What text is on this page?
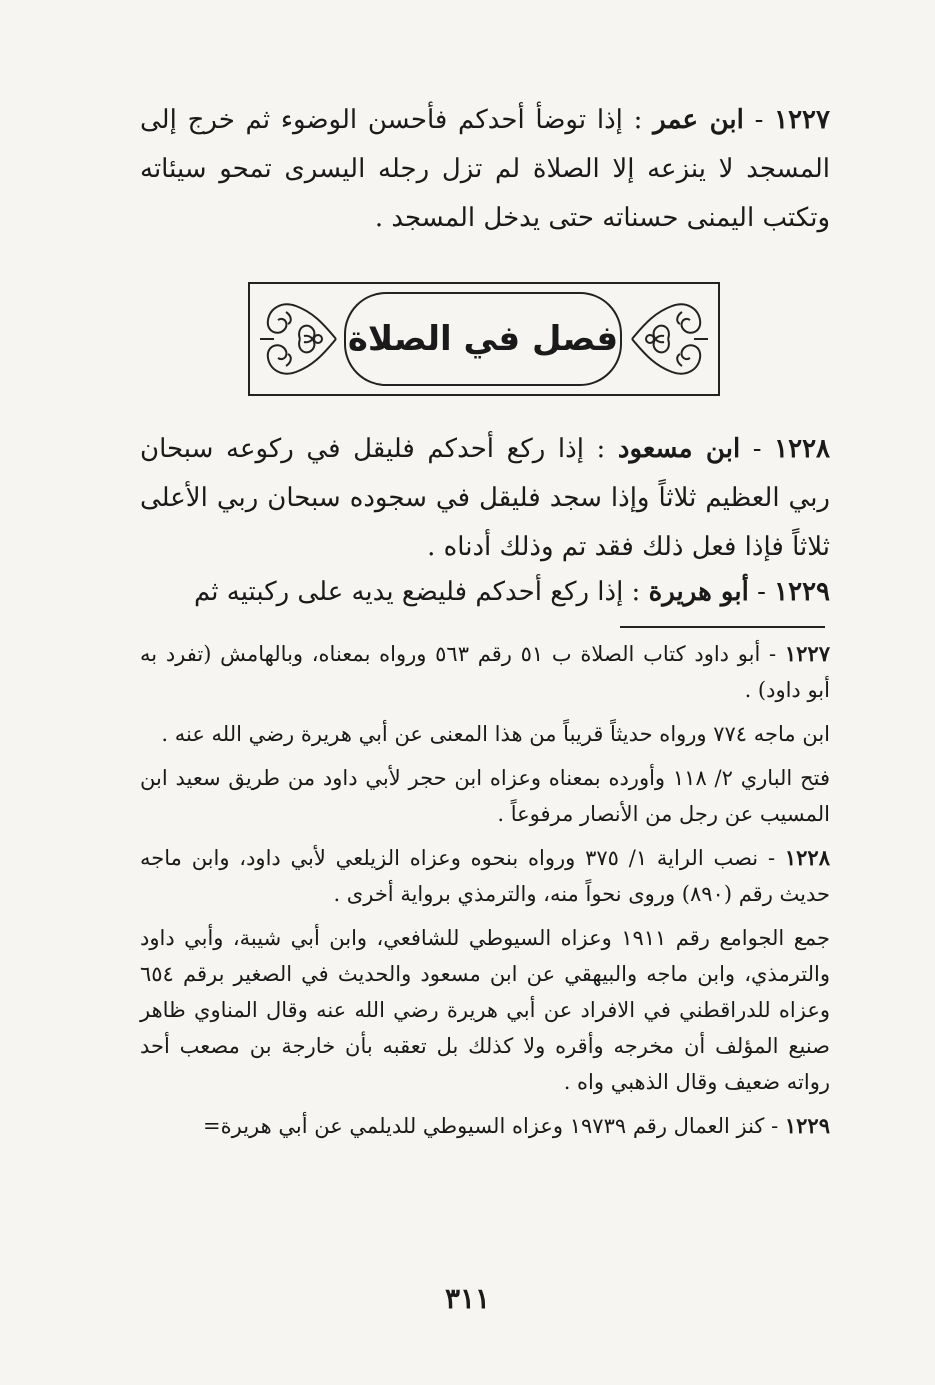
١٢٢٧ - ابن عمر : إذا توضأ أحدكم فأحسن الوضوء ثم خرج إلى المسجد لا ينزعه إلا الصلاة لم تزل رجله اليسرى تمحو سيئاته وتكتب اليمنى حسناته حتى يدخل المسجد .

فصل في الصلاة

١٢٢٨ - ابن مسعود : إذا ركع أحدكم فليقل في ركوعه سبحان ربي العظيم ثلاثاً وإذا سجد فليقل في سجوده سبحان ربي الأعلى ثلاثاً فإذا فعل ذلك فقد تم وذلك أدناه .

١٢٢٩ - أبو هريرة : إذا ركع أحدكم فليضع يديه على ركبتيه ثم

١٢٢٧ - أبو داود كتاب الصلاة ب ٥١ رقم ٥٦٣ ورواه بمعناه، وبالهامش (تفرد به أبو داود) .

ابن ماجه ٧٧٤ ورواه حديثاً قريباً من هذا المعنى عن أبي هريرة رضي الله عنه .

فتح الباري ٢/ ١١٨ وأورده بمعناه وعزاه ابن حجر لأبي داود من طريق سعيد ابن المسيب عن رجل من الأنصار مرفوعاً .

١٢٢٨ - نصب الراية ١/ ٣٧٥ ورواه بنحوه وعزاه الزيلعي لأبي داود، وابن ماجه حديث رقم (٨٩٠) وروى نحواً منه، والترمذي برواية أخرى .

جمع الجوامع رقم ١٩١١ وعزاه السيوطي للشافعي، وابن أبي شيبة، وأبي داود والترمذي، وابن ماجه والبيهقي عن ابن مسعود والحديث في الصغير برقم ٦٥٤ وعزاه للدراقطني في الافراد عن أبي هريرة رضي الله عنه وقال المناوي ظاهر صنيع المؤلف أن مخرجه وأقره ولا كذلك بل تعقبه بأن خارجة بن مصعب أحد رواته ضعيف وقال الذهبي واه .

١٢٢٩ - كنز العمال رقم ١٩٧٣٩ وعزاه السيوطي للديلمي عن أبي هريرة=

٣١١
